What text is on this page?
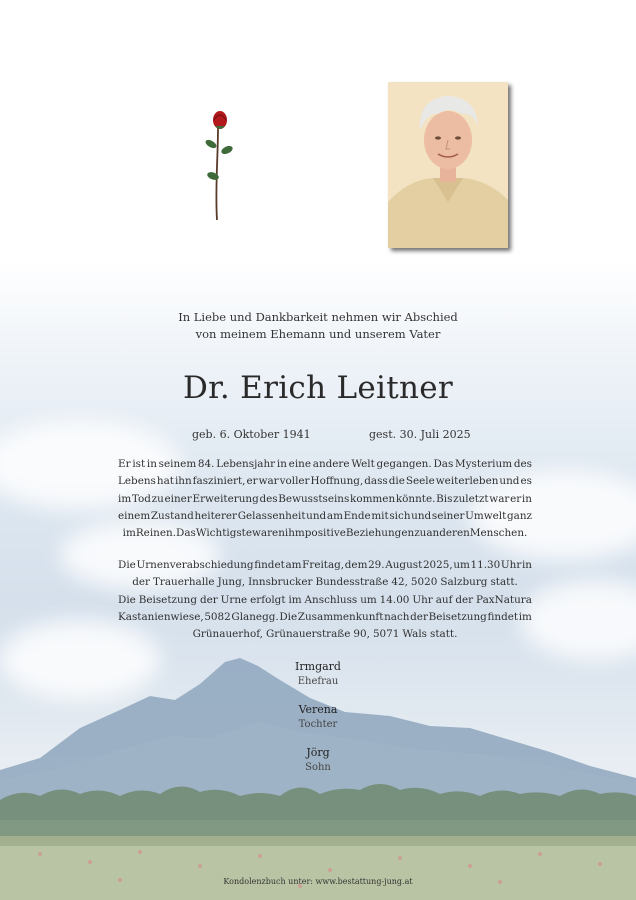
In Liebe und Dankbarkeit nehmen wir Abschied
von meinem Ehemann und unserem Vater
Dr. Erich Leitner
geb. 6. Oktober 1941	gest. 30. Juli 2025
Er ist in seinem 84. Lebensjahr in eine andere Welt gegangen. Das Mysterium des
Lebens hat ihn fasziniert, er war voller Hoffnung, dass die Seele weiterleben und es
im Tod zu einer Erweiterung des Bewusstseins kommen könnte. Bis zuletzt war er in
einem Zustand heiterer Gelassenheit und am Ende mit sich und seiner Umwelt ganz
im Reinen. Das Wichtigste waren ihm positive Beziehungen zu anderen Menschen.
Die Urnenverabschiedung findet am Freitag, dem 29. August 2025, um 11.30 Uhr in
der Trauerhalle Jung, Innsbrucker Bundesstraße 42, 5020 Salzburg statt.
Die Beisetzung der Urne erfolgt im Anschluss um 14.00 Uhr auf der PaxNatura
Kastanienwiese, 5082 Glanegg. Die Zusammenkunft nach der Beisetzung findet im
Grünauerhof, Grünauerstraße 90, 5071 Wals statt.
Irmgard
Ehefrau
Verena
Tochter
Jörg
Sohn
Kondolenzbuch unter: www.bestattung-jung.at
